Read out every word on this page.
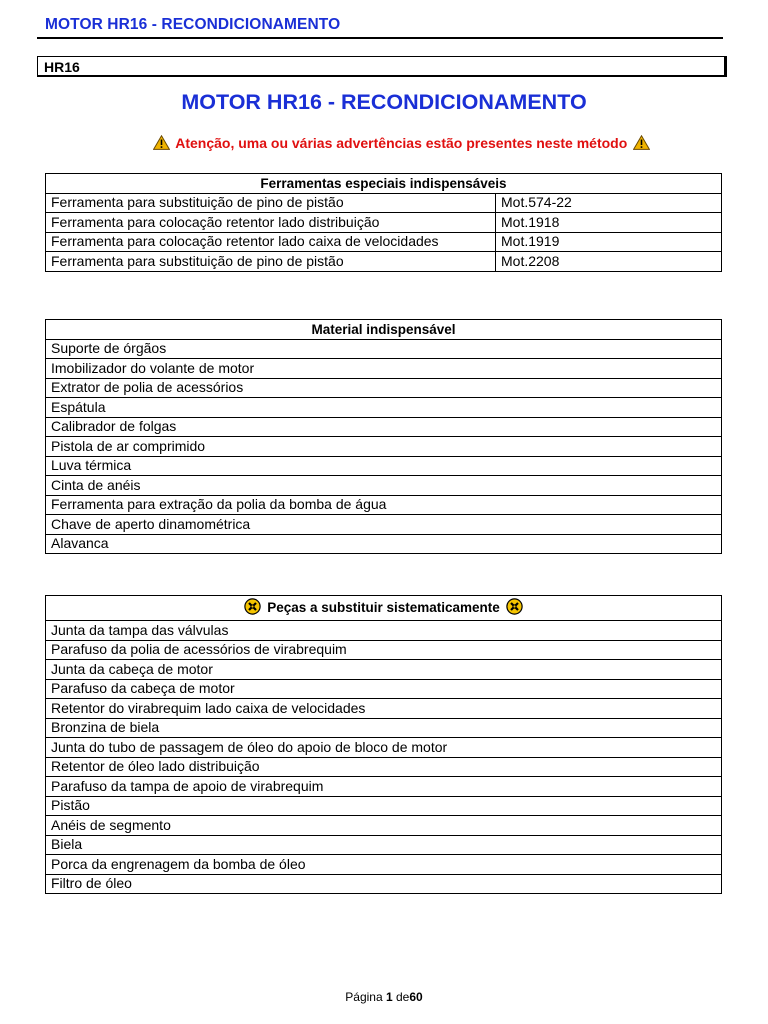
MOTOR HR16 - RECONDICIONAMENTO
HR16
MOTOR HR16 - RECONDICIONAMENTO
Atenção, uma ou várias advertências estão presentes neste método
Ferramentas especiais indispensáveis	
Ferramenta para substituição de pino de pistão	Mot.574-22
Ferramenta para colocação retentor lado distribuição	Mot.1918
Ferramenta para colocação retentor lado caixa de velocidades	Mot.1919
Ferramenta para substituição de pino de pistão	Mot.2208
Material indispensável
Suporte de órgãos
Imobilizador do volante de motor
Extrator de polia de acessórios
Espátula
Calibrador de folgas
Pistola de ar comprimido
Luva térmica
Cinta de anéis
Ferramenta para extração da polia da bomba de água
Chave de aperto dinamométrica
Alavanca
Peças a substituir sistematicamente
Junta da tampa das válvulas
Parafuso da polia de acessórios de virabrequim
Junta da cabeça de motor
Parafuso da cabeça de motor
Retentor do virabrequim lado caixa de velocidades
Bronzina de biela
Junta do tubo de passagem de óleo do apoio de bloco de motor
Retentor de óleo lado distribuição
Parafuso da tampa de apoio de virabrequim
Pistão
Anéis de segmento
Biela
Porca da engrenagem da bomba de óleo
Filtro de óleo
Página 1 de60
